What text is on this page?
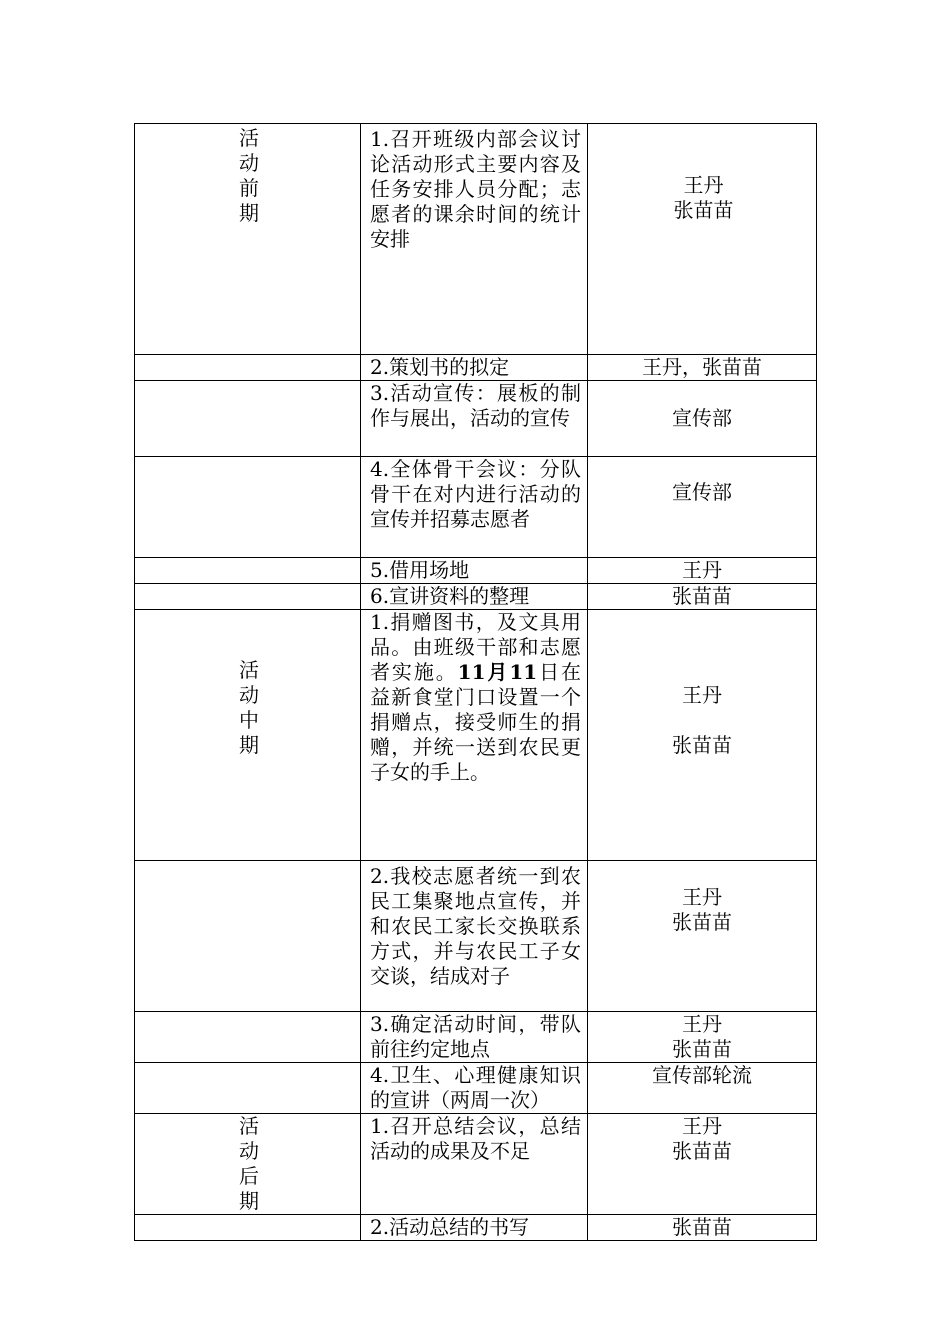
活
动
前
期	1.召开班级内部会议讨论活动形式主要内容及任务安排人员分配；志愿者的课余时间的统计安排	王丹
张苗苗

	2.策划书的拟定	王丹，张苗苗

	3.活动宣传：展板的制作与展出，活动的宣传	宣传部

	4.全体骨干会议：分队骨干在对内进行活动的宣传并招募志愿者	宣传部

	5.借用场地	王丹

	6.宣讲资料的整理	张苗苗

活
动
中
期	1.捐赠图书，及文具用品。由班级干部和志愿者实施。11月11日在益新食堂门口设置一个捐赠点，接受师生的捐赠，并统一送到农民更子女的手上。	王丹

张苗苗

	2.我校志愿者统一到农民工集聚地点宣传，并和农民工家长交换联系方式，并与农民工子女交谈，结成对子	王丹
张苗苗

	3.确定活动时间，带队前往约定地点	王丹
张苗苗

	4.卫生、心理健康知识的宣讲（两周一次）	宣传部轮流

活
动
后
期	1.召开总结会议，总结活动的成果及不足	王丹
张苗苗

	2.活动总结的书写	张苗苗
